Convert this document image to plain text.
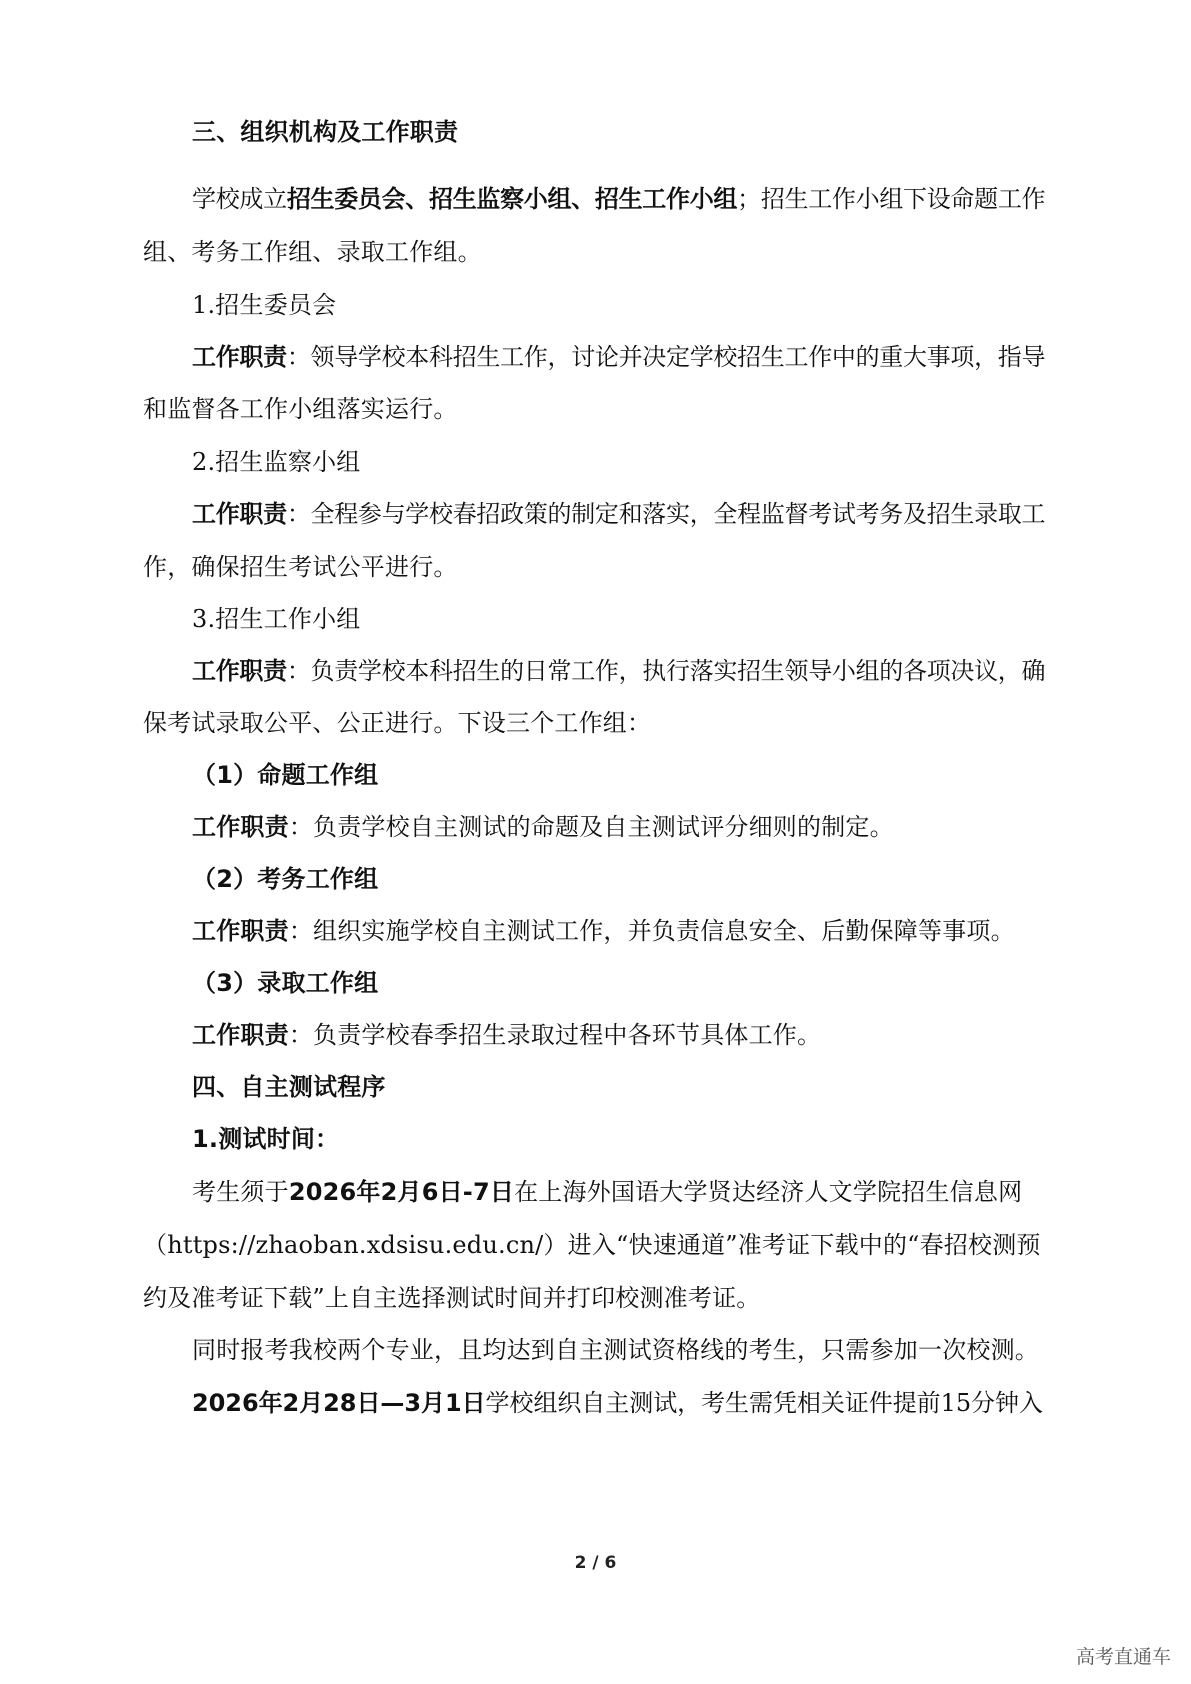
三、组织机构及工作职责
学校成立招生委员会、招生监察小组、招生工作小组；招生工作小组下设命题工作
组、考务工作组、录取工作组。
1.招生委员会
工作职责：领导学校本科招生工作，讨论并决定学校招生工作中的重大事项，指导
和监督各工作小组落实运行。
2.招生监察小组
工作职责：全程参与学校春招政策的制定和落实，全程监督考试考务及招生录取工
作，确保招生考试公平进行。
3.招生工作小组
工作职责：负责学校本科招生的日常工作，执行落实招生领导小组的各项决议，确
保考试录取公平、公正进行。下设三个工作组：
（1）命题工作组
工作职责：负责学校自主测试的命题及自主测试评分细则的制定。
（2）考务工作组
工作职责：组织实施学校自主测试工作，并负责信息安全、后勤保障等事项。
（3）录取工作组
工作职责：负责学校春季招生录取过程中各环节具体工作。
四、自主测试程序
1.测试时间：
考生须于2026年2月6日-7日在上海外国语大学贤达经济人文学院招生信息网
（https://zhaoban.xdsisu.edu.cn/）进入“快速通道”准考证下载中的“春招校测预
约及准考证下载”上自主选择测试时间并打印校测准考证。
同时报考我校两个专业，且均达到自主测试资格线的考生，只需参加一次校测。
2026年2月28日—3月1日学校组织自主测试，考生需凭相关证件提前15分钟入
2 / 6
高考直通车
